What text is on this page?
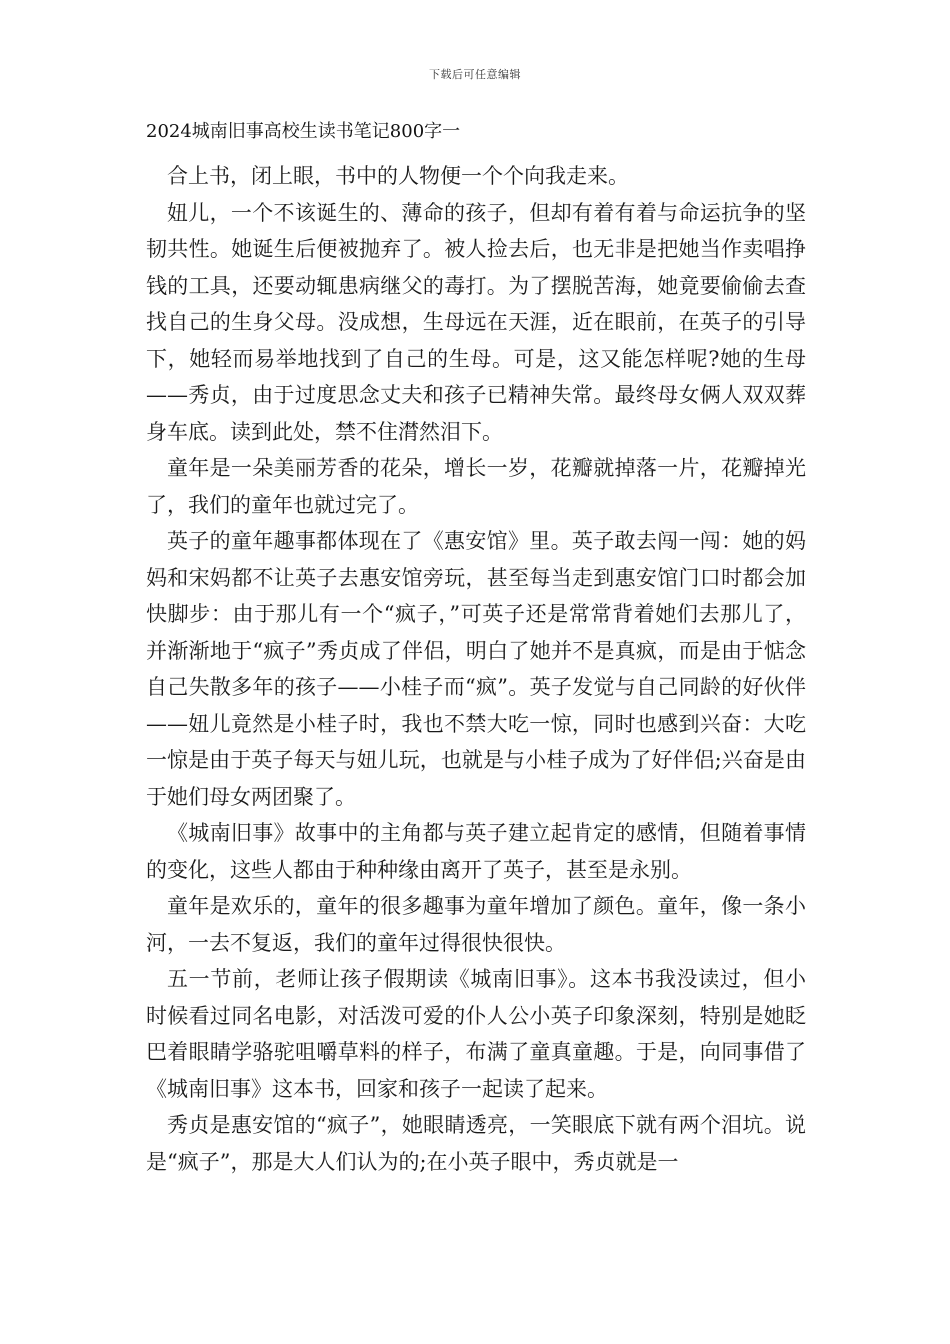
下载后可任意编辑
2024城南旧事高校生读书笔记800字一

合上书，闭上眼，书中的人物便一个个向我走来。

妞儿，一个不该诞生的、薄命的孩子，但却有着有着与命运抗争的坚韧共性。她诞生后便被抛弃了。被人捡去后，也无非是把她当作卖唱挣钱的工具，还要动辄患病继父的毒打。为了摆脱苦海，她竟要偷偷去查找自己的生身父母。没成想，生母远在天涯，近在眼前，在英子的引导下，她轻而易举地找到了自己的生母。可是，这又能怎样呢?她的生母——秀贞，由于过度思念丈夫和孩子已精神失常。最终母女俩人双双葬身车底。读到此处，禁不住潸然泪下。

童年是一朵美丽芳香的花朵，增长一岁，花瓣就掉落一片，花瓣掉光了，我们的童年也就过完了。

英子的童年趣事都体现在了《惠安馆》里。英子敢去闯一闯：她的妈妈和宋妈都不让英子去惠安馆旁玩，甚至每当走到惠安馆门口时都会加快脚步：由于那儿有一个“疯子，”可英子还是常常背着她们去那儿了，并渐渐地于“疯子”秀贞成了伴侣，明白了她并不是真疯，而是由于惦念自己失散多年的孩子——小桂子而“疯”。英子发觉与自己同龄的好伙伴——妞儿竟然是小桂子时，我也不禁大吃一惊，同时也感到兴奋：大吃一惊是由于英子每天与妞儿玩，也就是与小桂子成为了好伴侣;兴奋是由于她们母女两团聚了。

《城南旧事》故事中的主角都与英子建立起肯定的感情，但随着事情的变化，这些人都由于种种缘由离开了英子，甚至是永别。

童年是欢乐的，童年的很多趣事为童年增加了颜色。童年，像一条小河，一去不复返，我们的童年过得很快很快。

五一节前，老师让孩子假期读《城南旧事》。这本书我没读过，但小时候看过同名电影，对活泼可爱的仆人公小英子印象深刻，特别是她眨巴着眼睛学骆驼咀嚼草料的样子，布满了童真童趣。于是，向同事借了《城南旧事》这本书，回家和孩子一起读了起来。

秀贞是惠安馆的“疯子”，她眼睛透亮，一笑眼底下就有两个泪坑。说是“疯子”，那是大人们认为的;在小英子眼中，秀贞就是一
